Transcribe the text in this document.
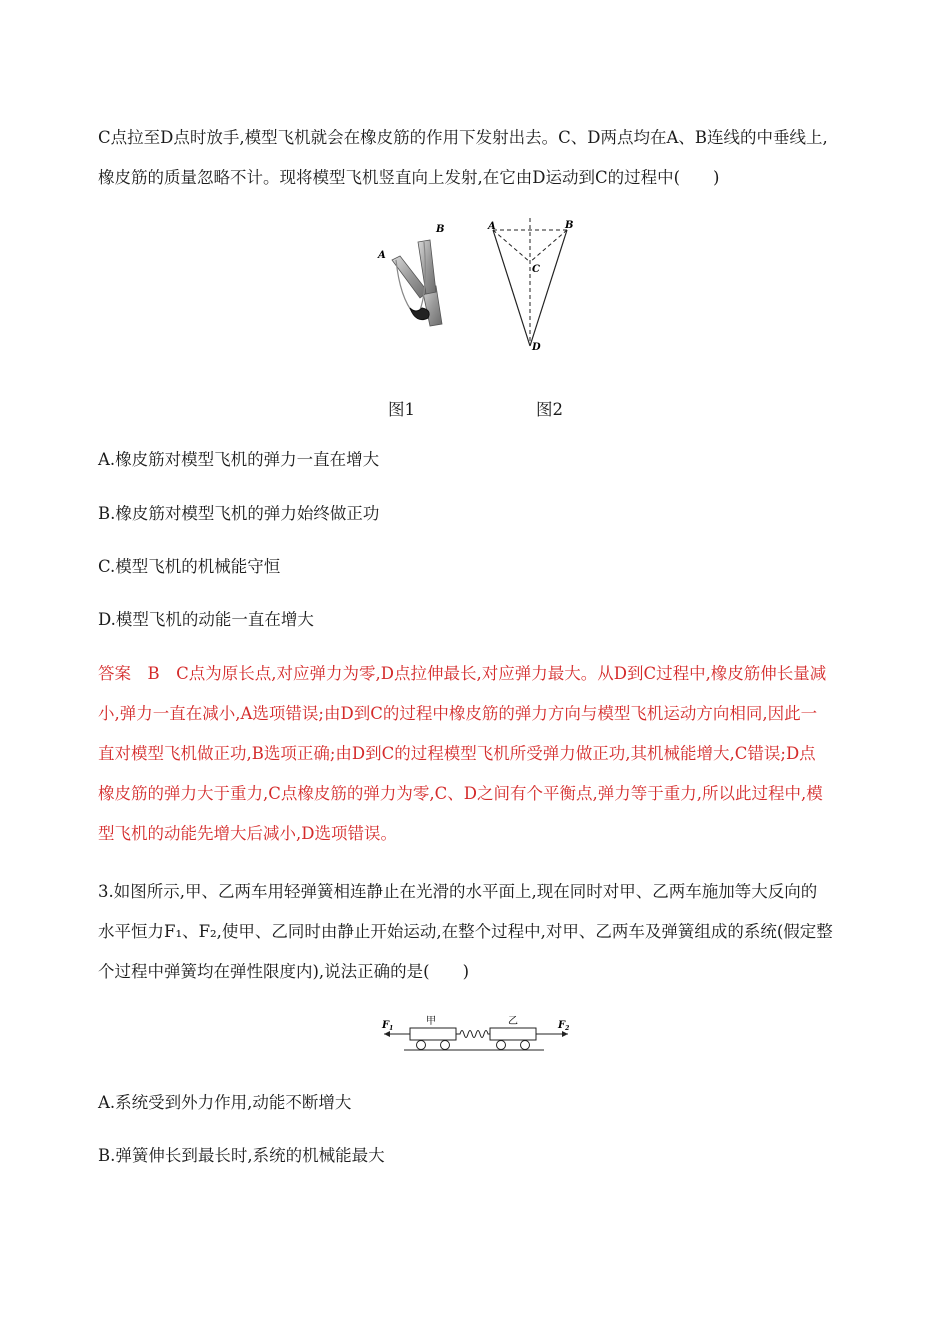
C点拉至D点时放手,模型飞机就会在橡皮筋的作用下发射出去。C、D两点均在A、B连线的中垂线上,

橡皮筋的质量忽略不计。现将模型飞机竖直向上发射,在它由D运动到C的过程中(　　)

A
B	A	B
C
D
图1	图2

A.橡皮筋对模型飞机的弹力一直在增大

B.橡皮筋对模型飞机的弹力始终做正功

C.模型飞机的机械能守恒

D.模型飞机的动能一直在增大

答案　B　C点为原长点,对应弹力为零,D点拉伸最长,对应弹力最大。从D到C过程中,橡皮筋伸长量减

小,弹力一直在减小,A选项错误;由D到C的过程中橡皮筋的弹力方向与模型飞机运动方向相同,因此一

直对模型飞机做正功,B选项正确;由D到C的过程模型飞机所受弹力做正功,其机械能增大,C错误;D点

橡皮筋的弹力大于重力,C点橡皮筋的弹力为零,C、D之间有个平衡点,弹力等于重力,所以此过程中,模

型飞机的动能先增大后减小,D选项错误。

3.如图所示,甲、乙两车用轻弹簧相连静止在光滑的水平面上,现在同时对甲、乙两车施加等大反向的

水平恒力F₁、F₂,使甲、乙同时由静止开始运动,在整个过程中,对甲、乙两车及弹簧组成的系统(假定整

个过程中弹簧均在弹性限度内),说法正确的是(　　)

甲	乙
$F_1$	$F_2$

A.系统受到外力作用,动能不断增大

B.弹簧伸长到最长时,系统的机械能最大
